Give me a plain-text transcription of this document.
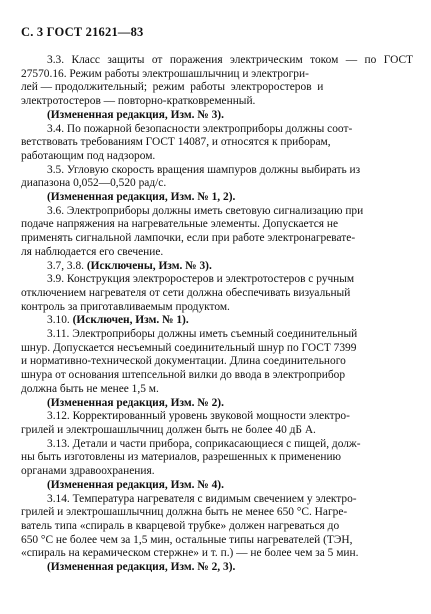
С. 3 ГОСТ 21621—83

3.3. Класс защиты от поражения электрическим током — по ГОСТ 27570.16. Режим работы электрошашлычниц и электрогри-
лей — продолжительный;  режим  работы  электроростеров  и
электротостеров — повторно-кратковременный.

(Измененная редакция, Изм. № 3).

3.4. По пожарной безопасности электроприборы должны соот-
ветствовать требованиям ГОСТ 14087, и относятся к приборам,
работающим под надзором.

3.5. Угловую скорость вращения шампуров должны выбирать из
диапазона 0,052—0,520 рад/с.

(Измененная редакция, Изм. № 1, 2).

3.6. Электроприборы должны иметь световую сигнализацию при
подаче напряжения на нагревательные элементы. Допускается не
применять сигнальной лампочки, если при работе электронагревате-
ля наблюдается его свечение.

3.7, 3.8. (Исключены, Изм. № 3).

3.9. Конструкция электроростеров и электротостеров с ручным
отключением нагревателя от сети должна обеспечивать визуальный
контроль за приготавливаемым продуктом.

3.10. (Исключен, Изм. № 1).

3.11. Электроприборы должны иметь съемный соединительный
шнур. Допускается несъемный соединительный шнур по ГОСТ 7399
и нормативно-технической документации. Длина соединительного
шнура от основания штепсельной вилки до ввода в электроприбор
должна быть не менее 1,5 м.

(Измененная редакция, Изм. № 2).

3.12. Корректированный уровень звуковой мощности электро-
грилей и электрошашлычниц должен быть не более 40 дБ A.

3.13. Детали и части прибора, соприкасающиеся с пищей, долж-
ны быть изготовлены из материалов, разрешенных к применению
органами здравоохранения.

(Измененная редакция, Изм. № 4).

3.14. Температура нагревателя с видимым свечением у электро-
грилей и электрошашлычниц должна быть не менее 650 °C. Нагре-
ватель типа «спираль в кварцевой трубке» должен нагреваться до
650 °C не более чем за 1,5 мин, остальные типы нагревателей (ТЭН,
«спираль на керамическом стержне» и т. п.) — не более чем за 5 мин.

(Измененная редакция, Изм. № 2, 3).
